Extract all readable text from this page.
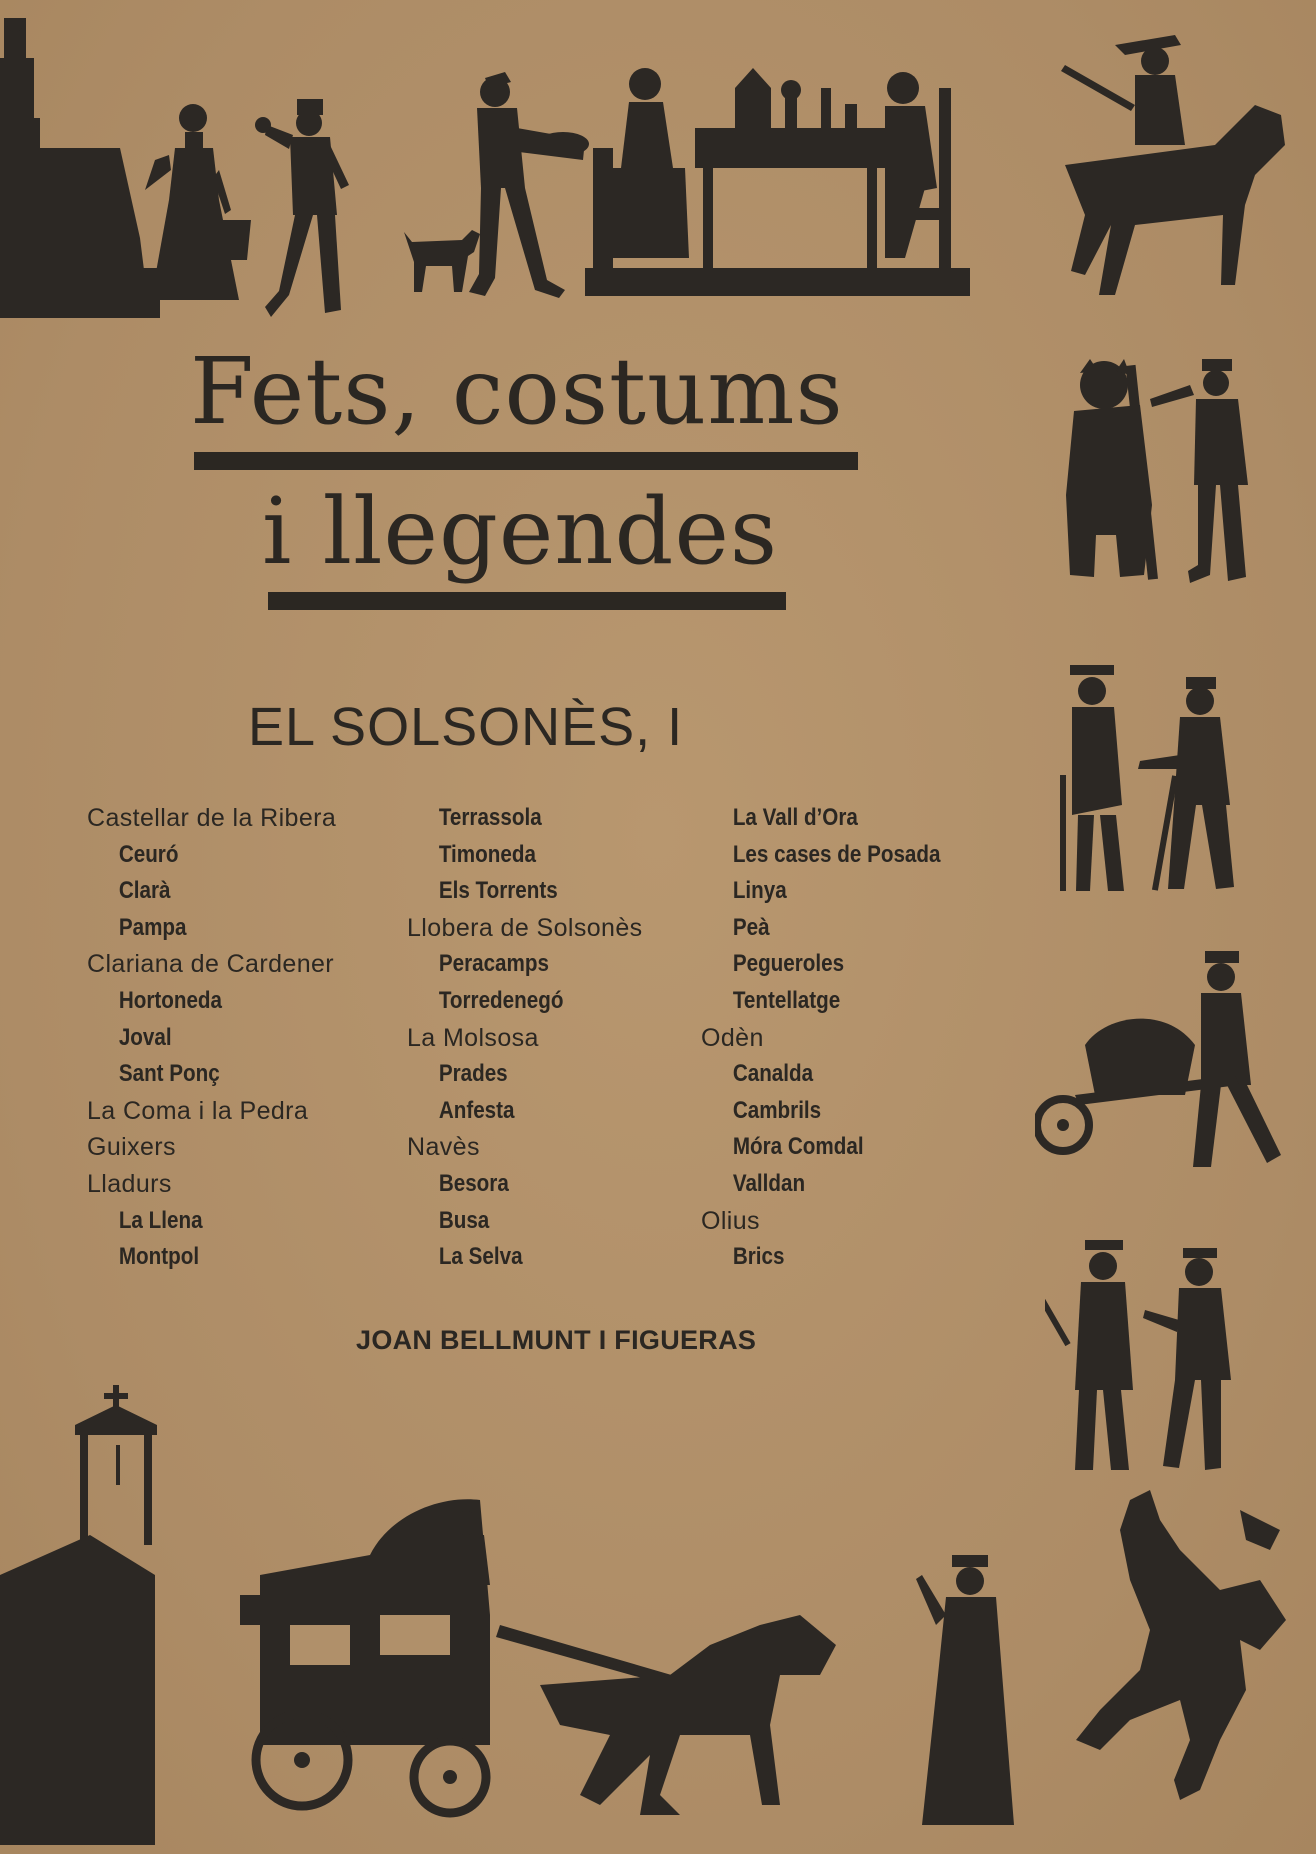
Fets, costums
i llegendes
EL SOLSONÈS, I
Castellar de la Ribera
Ceuró
Clarà
Pampa
Clariana de Cardener
Hortoneda
Joval
Sant Ponç
La Coma i la Pedra
Guixers
Lladurs
La Llena
Montpol
Terrassola
Timoneda
Els Torrents
Llobera de Solsonès
Peracamps
Torredenegó
La Molsosa
Prades
Anfesta
Navès
Besora
Busa
La Selva
La Vall d’Ora
Les cases de Posada
Linya
Peà
Pegueroles
Tentellatge
Odèn
Canalda
Cambrils
Móra Comdal
Valldan
Olius
Brics
JOAN BELLMUNT I FIGUERAS
